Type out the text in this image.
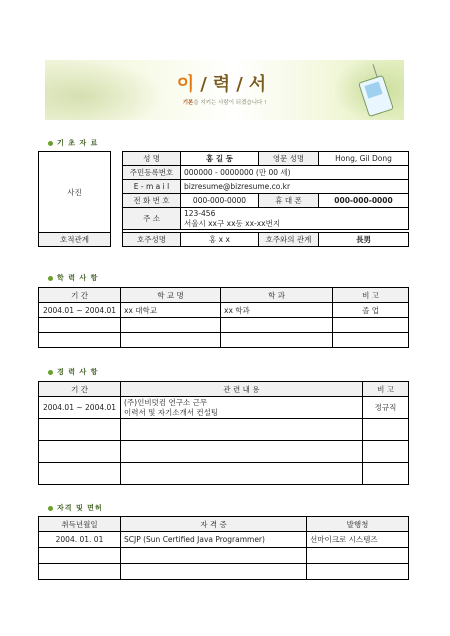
이/력/서
기본을 지키는 사람이 되겠습니다 !
기 초 자 료
사진		성 명	홍 길 동	영문 성명	Hong, Gil Dong
		주민등록번호	000000 - 0000000 (만 00 세)		
		E - m a i l	bizresume@bizresume.co.kr		
		전 화 번 호	000-000-0000	휴 대 폰	000-000-0000
		주 소	123-456
서울시 xx구 xx동 xx-xx번지		

호적관계		호주성명	홍 x x	호주와의 관계	長男
학 력 사 항
기 간	학 교 명	학 과	비 고
2004.01 ~ 2004.01	xx 대학교	xx 학과	졸 업

경 력 사 항
기 간	관 련 내 용	비 고
2004.01 ~ 2004.01	(주)인비덧컴 연구소 근무
이력서 및 자기소개서 컨설팅	정규직

자격 및 면허
취득년월일	자 격 증	발행청
2004. 01. 01	SCJP (Sun Certified Java Programmer)	선마이크로 시스템즈
